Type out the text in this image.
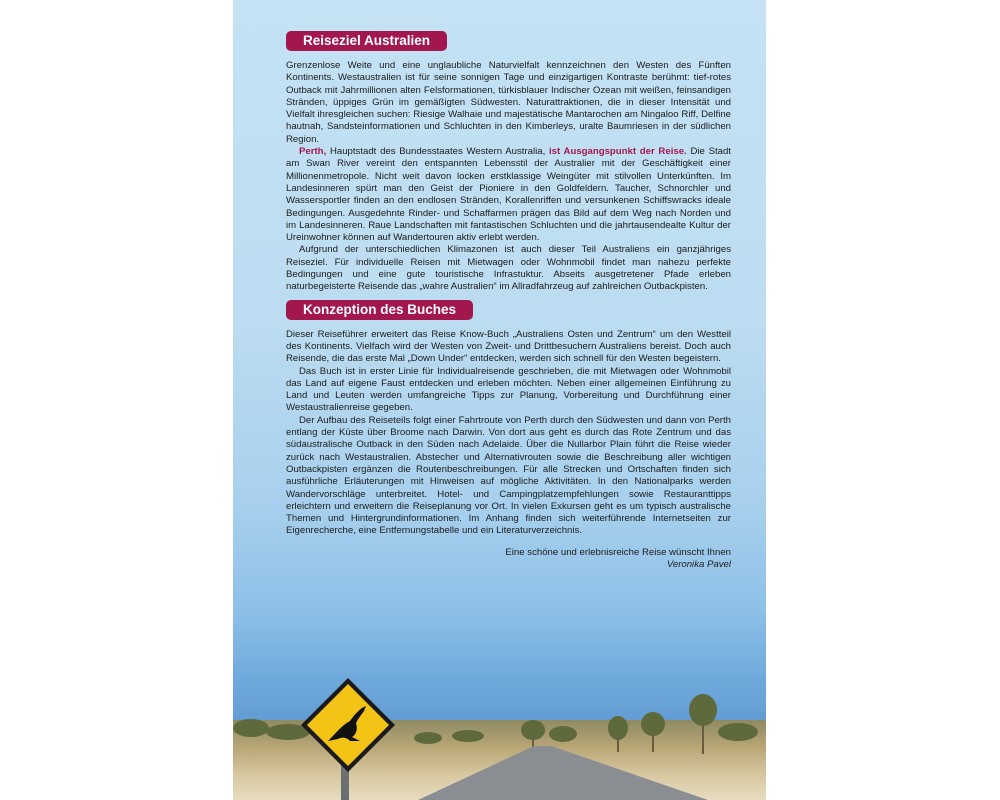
Reiseziel Australien

Grenzenlose Weite und eine unglaubliche Naturvielfalt kennzeichnen den Westen des Fünften Kontinents. Westaustralien ist für seine sonnigen Tage und einzigartigen Kontraste berühmt: tief-rotes Outback mit Jahrmillionen alten Felsformationen, türkisblauer Indischer Ozean mit weißen, feinsandigen Stränden, üppiges Grün im gemäßigten Südwesten. Naturattraktionen, die in dieser Intensität und Vielfalt ihresgleichen suchen: Riesige Walhaie und majestätische Mantarochen am Ningaloo Riff, Delfine hautnah, Sandsteinformationen und Schluchten in den Kimberleys, uralte Baumriesen in der südlichen Region.

Perth, Hauptstadt des Bundesstaates Western Australia, ist Ausgangspunkt der Reise. Die Stadt am Swan River vereint den entspannten Lebensstil der Australier mit der Geschäftigkeit einer Millionenmetropole. Nicht weit davon locken erstklassige Weingüter mit stilvollen Unterkünften. Im Landesinneren spürt man den Geist der Pioniere in den Goldfeldern. Taucher, Schnorchler und Wassersportler finden an den endlosen Stränden, Korallenriffen und versunkenen Schiffswracks ideale Bedingungen. Ausgedehnte Rinder- und Schaffarmen prägen das Bild auf dem Weg nach Norden und im Landesinneren. Raue Landschaften mit fantastischen Schluchten und die jahrtausendealte Kultur der Ureinwohner können auf Wandertouren aktiv erlebt werden.

Aufgrund der unterschiedlichen Klimazonen ist auch dieser Teil Australiens ein ganzjähriges Reiseziel. Für individuelle Reisen mit Mietwagen oder Wohnmobil findet man nahezu perfekte Bedingungen und eine gute touristische Infrastuktur. Abseits ausgetretener Pfade erleben naturbegeisterte Reisende das „wahre Australien“ im Allradfahrzeug auf zahlreichen Outbackpisten.

Konzeption des Buches

Dieser Reiseführer erweitert das Reise Know-Buch „Australiens Osten und Zentrum“ um den Westteil des Kontinents. Vielfach wird der Westen von Zweit- und Drittbesuchern Australiens bereist. Doch auch Reisende, die das erste Mal „Down Under“ entdecken, werden sich schnell für den Westen begeistern.

Das Buch ist in erster Linie für Individualreisende geschrieben, die mit Mietwagen oder Wohnmobil das Land auf eigene Faust entdecken und erleben möchten. Neben einer allgemeinen Einführung zu Land und Leuten werden umfangreiche Tipps zur Planung, Vorbereitung und Durchführung einer Westaustralienreise gegeben.

Der Aufbau des Reiseteils folgt einer Fahrtroute von Perth durch den Südwesten und dann von Perth entlang der Küste über Broome nach Darwin. Von dort aus geht es durch das Rote Zentrum und das südaustralische Outback in den Süden nach Adelaide. Über die Nullarbor Plain führt die Reise wieder zurück nach Westaustralien. Abstecher und Alternativrouten sowie die Beschreibung aller wichtigen Outbackpisten ergänzen die Routenbeschreibungen. Für alle Strecken und Ortschaften finden sich ausführliche Erläuterungen mit Hinweisen auf mögliche Aktivitäten. In den Nationalparks werden Wandervorschläge unterbreitet. Hotel- und Campingplatzempfehlungen sowie Restauranttipps erleichtern und erweitern die Reiseplanung vor Ort. In vielen Exkursen geht es um typisch australische Themen und Hintergrundinformationen. Im Anhang finden sich weiterführende Internetseiten zur Eigenrecherche, eine Entfernungstabelle und ein Literaturverzeichnis.

Eine schöne und erlebnisreiche Reise wünscht Ihnen
Veronika Pavel
